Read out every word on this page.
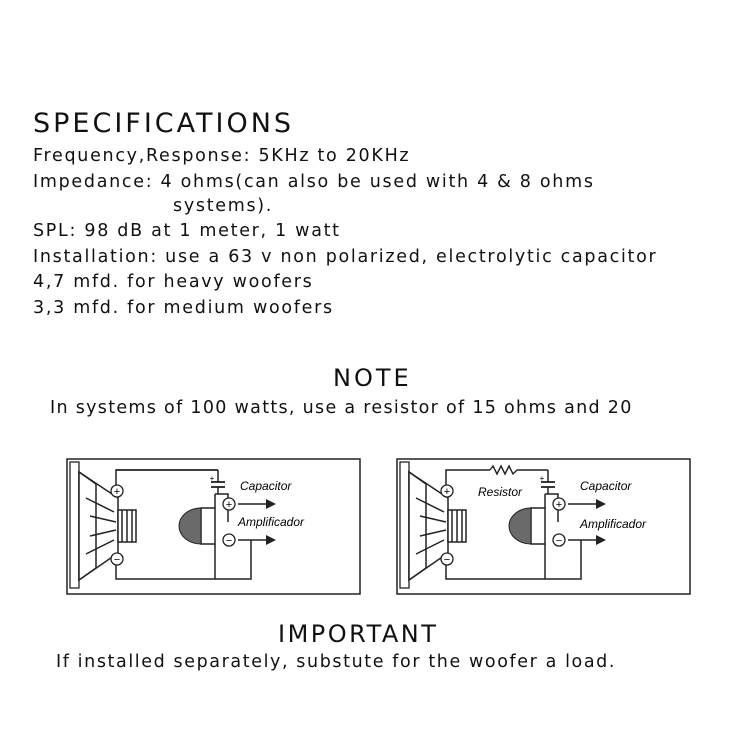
SPECIFICATIONS
Frequency,Response: 5KHz to 20KHz
Impedance: 4 ohms(can also be used with 4 & 8 ohms
systems).
SPL: 98 dB at 1 meter, 1 watt
Installation: use a 63 v non polarized, electrolytic capacitor
4,7 mfd. for heavy woofers
3,3 mfd. for medium woofers
NOTE
In systems of 100 watts, use a resistor of 15 ohms and 20
+
−
+
+
−
Capacitor
Amplificador
+
−
+
+
−
Resistor	Capacitor
Amplificador
IMPORTANT
If installed separately, substute for the woofer a load.
